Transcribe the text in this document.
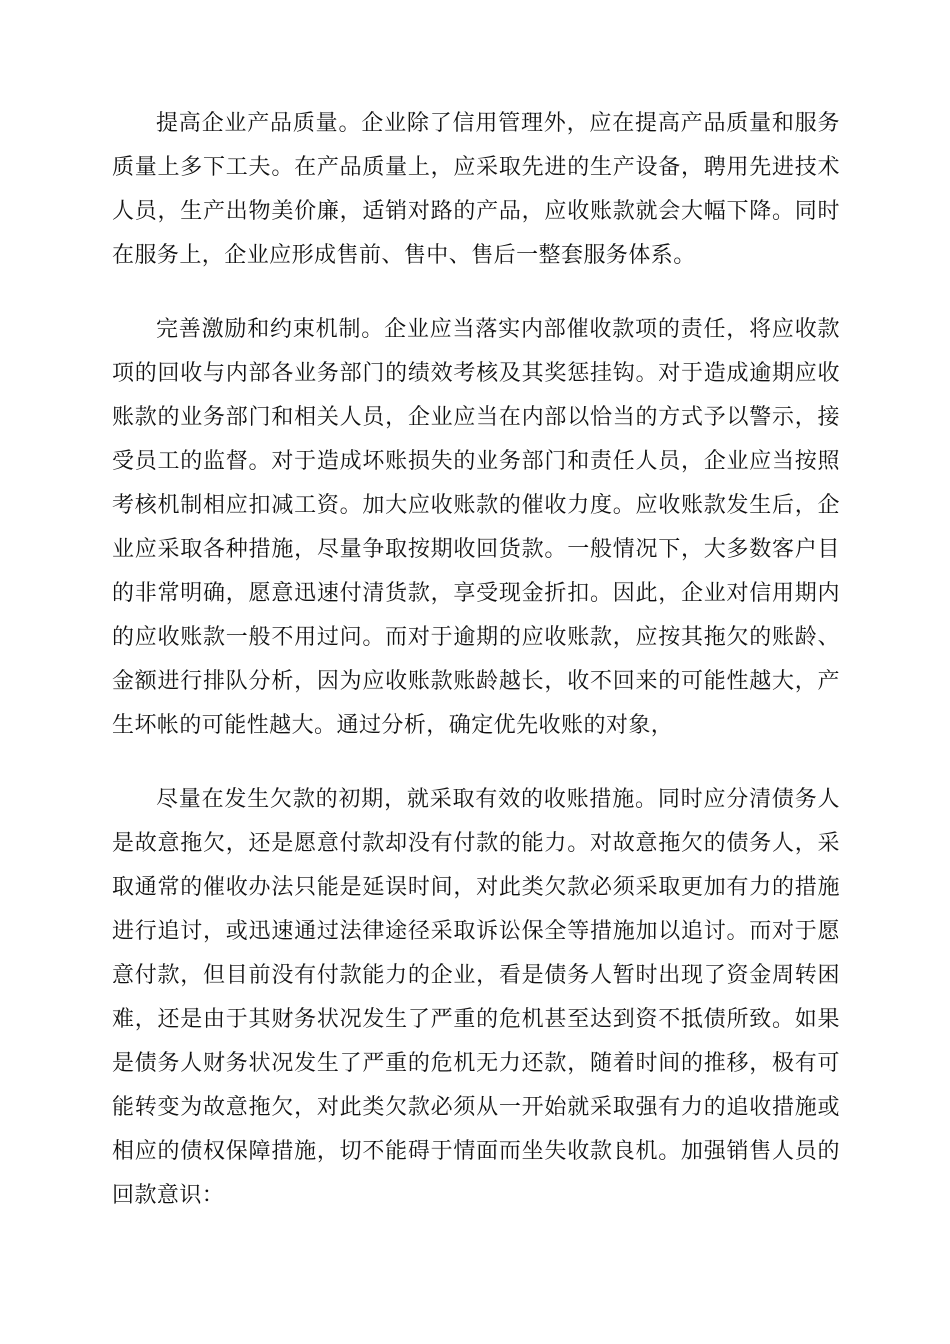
提高企业产品质量。企业除了信用管理外，应在提高产品质量和服务质量上多下工夫。在产品质量上，应采取先进的生产设备，聘用先进技术人员，生产出物美价廉，适销对路的产品，应收账款就会大幅下降。同时在服务上，企业应形成售前、售中、售后一整套服务体系。

完善激励和约束机制。企业应当落实内部催收款项的责任，将应收款项的回收与内部各业务部门的绩效考核及其奖惩挂钩。对于造成逾期应收账款的业务部门和相关人员，企业应当在内部以恰当的方式予以警示，接受员工的监督。对于造成坏账损失的业务部门和责任人员，企业应当按照考核机制相应扣减工资。加大应收账款的催收力度。应收账款发生后，企业应采取各种措施，尽量争取按期收回货款。一般情况下，大多数客户目的非常明确，愿意迅速付清货款，享受现金折扣。因此，企业对信用期内的应收账款一般不用过问。而对于逾期的应收账款，应按其拖欠的账龄、金额进行排队分析，因为应收账款账龄越长，收不回来的可能性越大，产生坏帐的可能性越大。通过分析，确定优先收账的对象，

尽量在发生欠款的初期，就采取有效的收账措施。同时应分清债务人是故意拖欠，还是愿意付款却没有付款的能力。对故意拖欠的债务人，采取通常的催收办法只能是延误时间，对此类欠款必须采取更加有力的措施进行追讨，或迅速通过法律途径采取诉讼保全等措施加以追讨。而对于愿意付款，但目前没有付款能力的企业，看是债务人暂时出现了资金周转困难，还是由于其财务状况发生了严重的危机甚至达到资不抵债所致。如果是债务人财务状况发生了严重的危机无力还款，随着时间的推移，极有可能转变为故意拖欠，对此类欠款必须从一开始就采取强有力的追收措施或相应的债权保障措施，切不能碍于情面而坐失收款良机。加强销售人员的回款意识：
